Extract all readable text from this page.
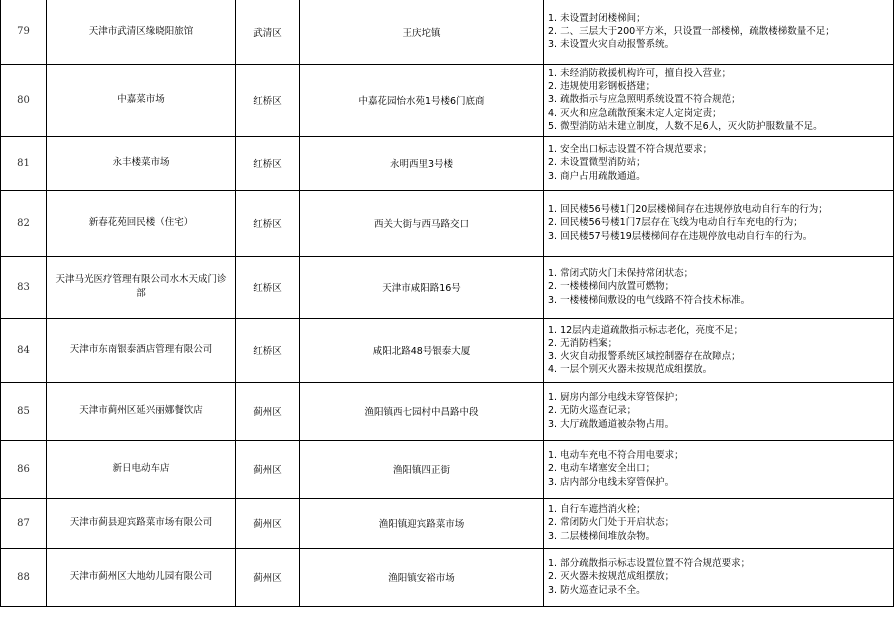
79	天津市武清区缘晓阳旅馆	武清区	王庆坨镇	1. 未设置封闭楼梯间；
2. 二、三层大于200平方米，只设置一部楼梯，疏散楼梯数量不足；
3. 未设置火灾自动报警系统。

80	中嘉菜市场	红桥区	中嘉花园怡水苑1号楼6门底商	1. 未经消防救援机构许可，擅自投入营业；
2. 违规使用彩钢板搭建；
3. 疏散指示与应急照明系统设置不符合规范；
4. 灭火和应急疏散预案未定人定岗定责；
5. 微型消防站未建立制度，人数不足6人，灭火防护服数量不足。

81	永丰楼菜市场	红桥区	永明西里3号楼	1. 安全出口标志设置不符合规范要求；
2. 未设置微型消防站；
3. 商户占用疏散通道。

82	新春花苑回民楼（住宅）	红桥区	西关大街与西马路交口	1. 回民楼56号楼1门20层楼梯间存在违规停放电动自行车的行为；
2. 回民楼56号楼1门7层存在飞线为电动自行车充电的行为；
3. 回民楼57号楼19层楼梯间存在违规停放电动自行车的行为。

83	天津马光医疗管理有限公司水木天成门诊部	红桥区	天津市咸阳路16号	1. 常闭式防火门未保持常闭状态；
2. 一楼楼梯间内放置可燃物；
3. 一楼楼梯间敷设的电气线路不符合技术标准。

84	天津市东南银泰酒店管理有限公司	红桥区	咸阳北路48号银泰大厦	1. 12层内走道疏散指示标志老化，亮度不足；
2. 无消防档案；
3. 火灾自动报警系统区域控制器存在故障点；
4. 一层个别灭火器未按规范成组摆放。

85	天津市蓟州区延兴丽娜餐饮店	蓟州区	渔阳镇西七园村中昌路中段	1. 厨房内部分电线未穿管保护；
2. 无防火巡查记录；
3. 大厅疏散通道被杂物占用。

86	新日电动车店	蓟州区	渔阳镇四正街	1. 电动车充电不符合用电要求；
2. 电动车堵塞安全出口；
3. 店内部分电线未穿管保护。

87	天津市蓟县迎宾路菜市场有限公司	蓟州区	渔阳镇迎宾路菜市场	1. 自行车遮挡消火栓；
2. 常闭防火门处于开启状态；
3. 二层楼梯间堆放杂物。

88	天津市蓟州区大地幼儿园有限公司	蓟州区	渔阳镇安裕市场	1. 部分疏散指示标志设置位置不符合规范要求；
2. 灭火器未按规范成组摆放；
3. 防火巡查记录不全。
